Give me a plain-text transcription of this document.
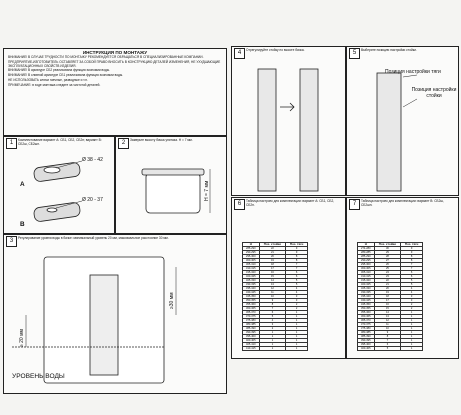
ИНСТРУКЦИЯ ПО МОНТАЖУ
ВНИМАНИЕ! В СЛУЧАЕ ТРУДНОСТИ ПО МОНТАЖУ РЕКОМЕНДУЕТСЯ ОБРАЩАТЬСЯ В СПЕЦИАЛИЗИРОВАННЫЕ КОМПАНИИ.
ПРЕДПРИЯТИЕ-ИЗГОТОВИТЕЛЬ ОСТАВЛЯЕТ ЗА СОБОЙ ПРАВО ВНОСИТЬ В КОНСТРУКЦИЮ ДЕТАЛЕЙ ИЗМЕНЕНИЯ, НЕ УХУДШАЮЩИЕ ЭКСПЛУАТАЦИОННЫХ СВОЙСТВ ИЗДЕЛИЯ.
ВНИМАНИЕ! В арматуре СБ2 реализована функция экономии воды.
ВНИМАНИЕ! В сливной арматуре СБ1 реализована функция экономии воды.
НЕ ИСПОЛЬЗОВАТЬ ключи гаечные, разводные и т.п.
ПРИМЕЧАНИЕ: в ходе монтажа следите за чистотой деталей.
1	Комплектование вариант А: СБ1, СБ2, СБ2н; вариант В: СБ2ш, СБ2шн.
A
B
Ø 38 - 42
Ø 20 - 37
2	Замерьте высоту бачка унитаза. Н = 7 мм.
H = 7 мм
3	Регулирование уровня воды в бачке: минимальный уровень 20 мм, максимальное расстояние 30 мм.
≥ 20 мм
≥30 мм
УРОВЕНЬ ВОДЫ
4	Отрегулируйте стойку по высоте бачка.	5	Выберите позицию настройки стойки.
Позиция настройки тяги
Позиция настройки стойки
6	Таблица настроек для комплектации: вариант А: СБ1, СБ2, СБ2н.
H	Поз. стойки	Поз. тяги
285-290	22	9
290-295	21	9
295-300	20	8
300-305	19	8
305-310	18	7
310-315	17	7
315-320	16	6
320-325	15	6
325-330	14	5
330-335	13	5
335-340	12	4
340-345	11	4
345-350	10	3
350-355	9	3
355-360	8	2
360-365	7	2
365-370	6	1
370-375	5	1
375-380	4	1
380-385	3	1
385-390	2	1
390-395	1	1
395-400	1	1
400-405	1	1
405-410	1	1
410-415	1	1
7	Таблица настроек для комплектации: вариант В: СБ2ш, СБ2шн.
H	Поз. стойки	Поз. тяги
274-280	30	9
280-285	29	9
285-290	28	8
290-295	27	8
295-300	26	7
300-305	25	7
305-310	24	6
310-315	23	6
315-320	22	5
320-325	21	5
325-330	20	4
330-335	19	4
335-340	18	3
340-345	17	3
345-350	16	2
350-355	15	2
355-360	14	1
360-365	13	1
365-370	12	1
370-375	11	1
375-380	10	1
380-385	9	1
385-390	8	1
390-395	7	1
395-400	6	1
400-405	5	1
